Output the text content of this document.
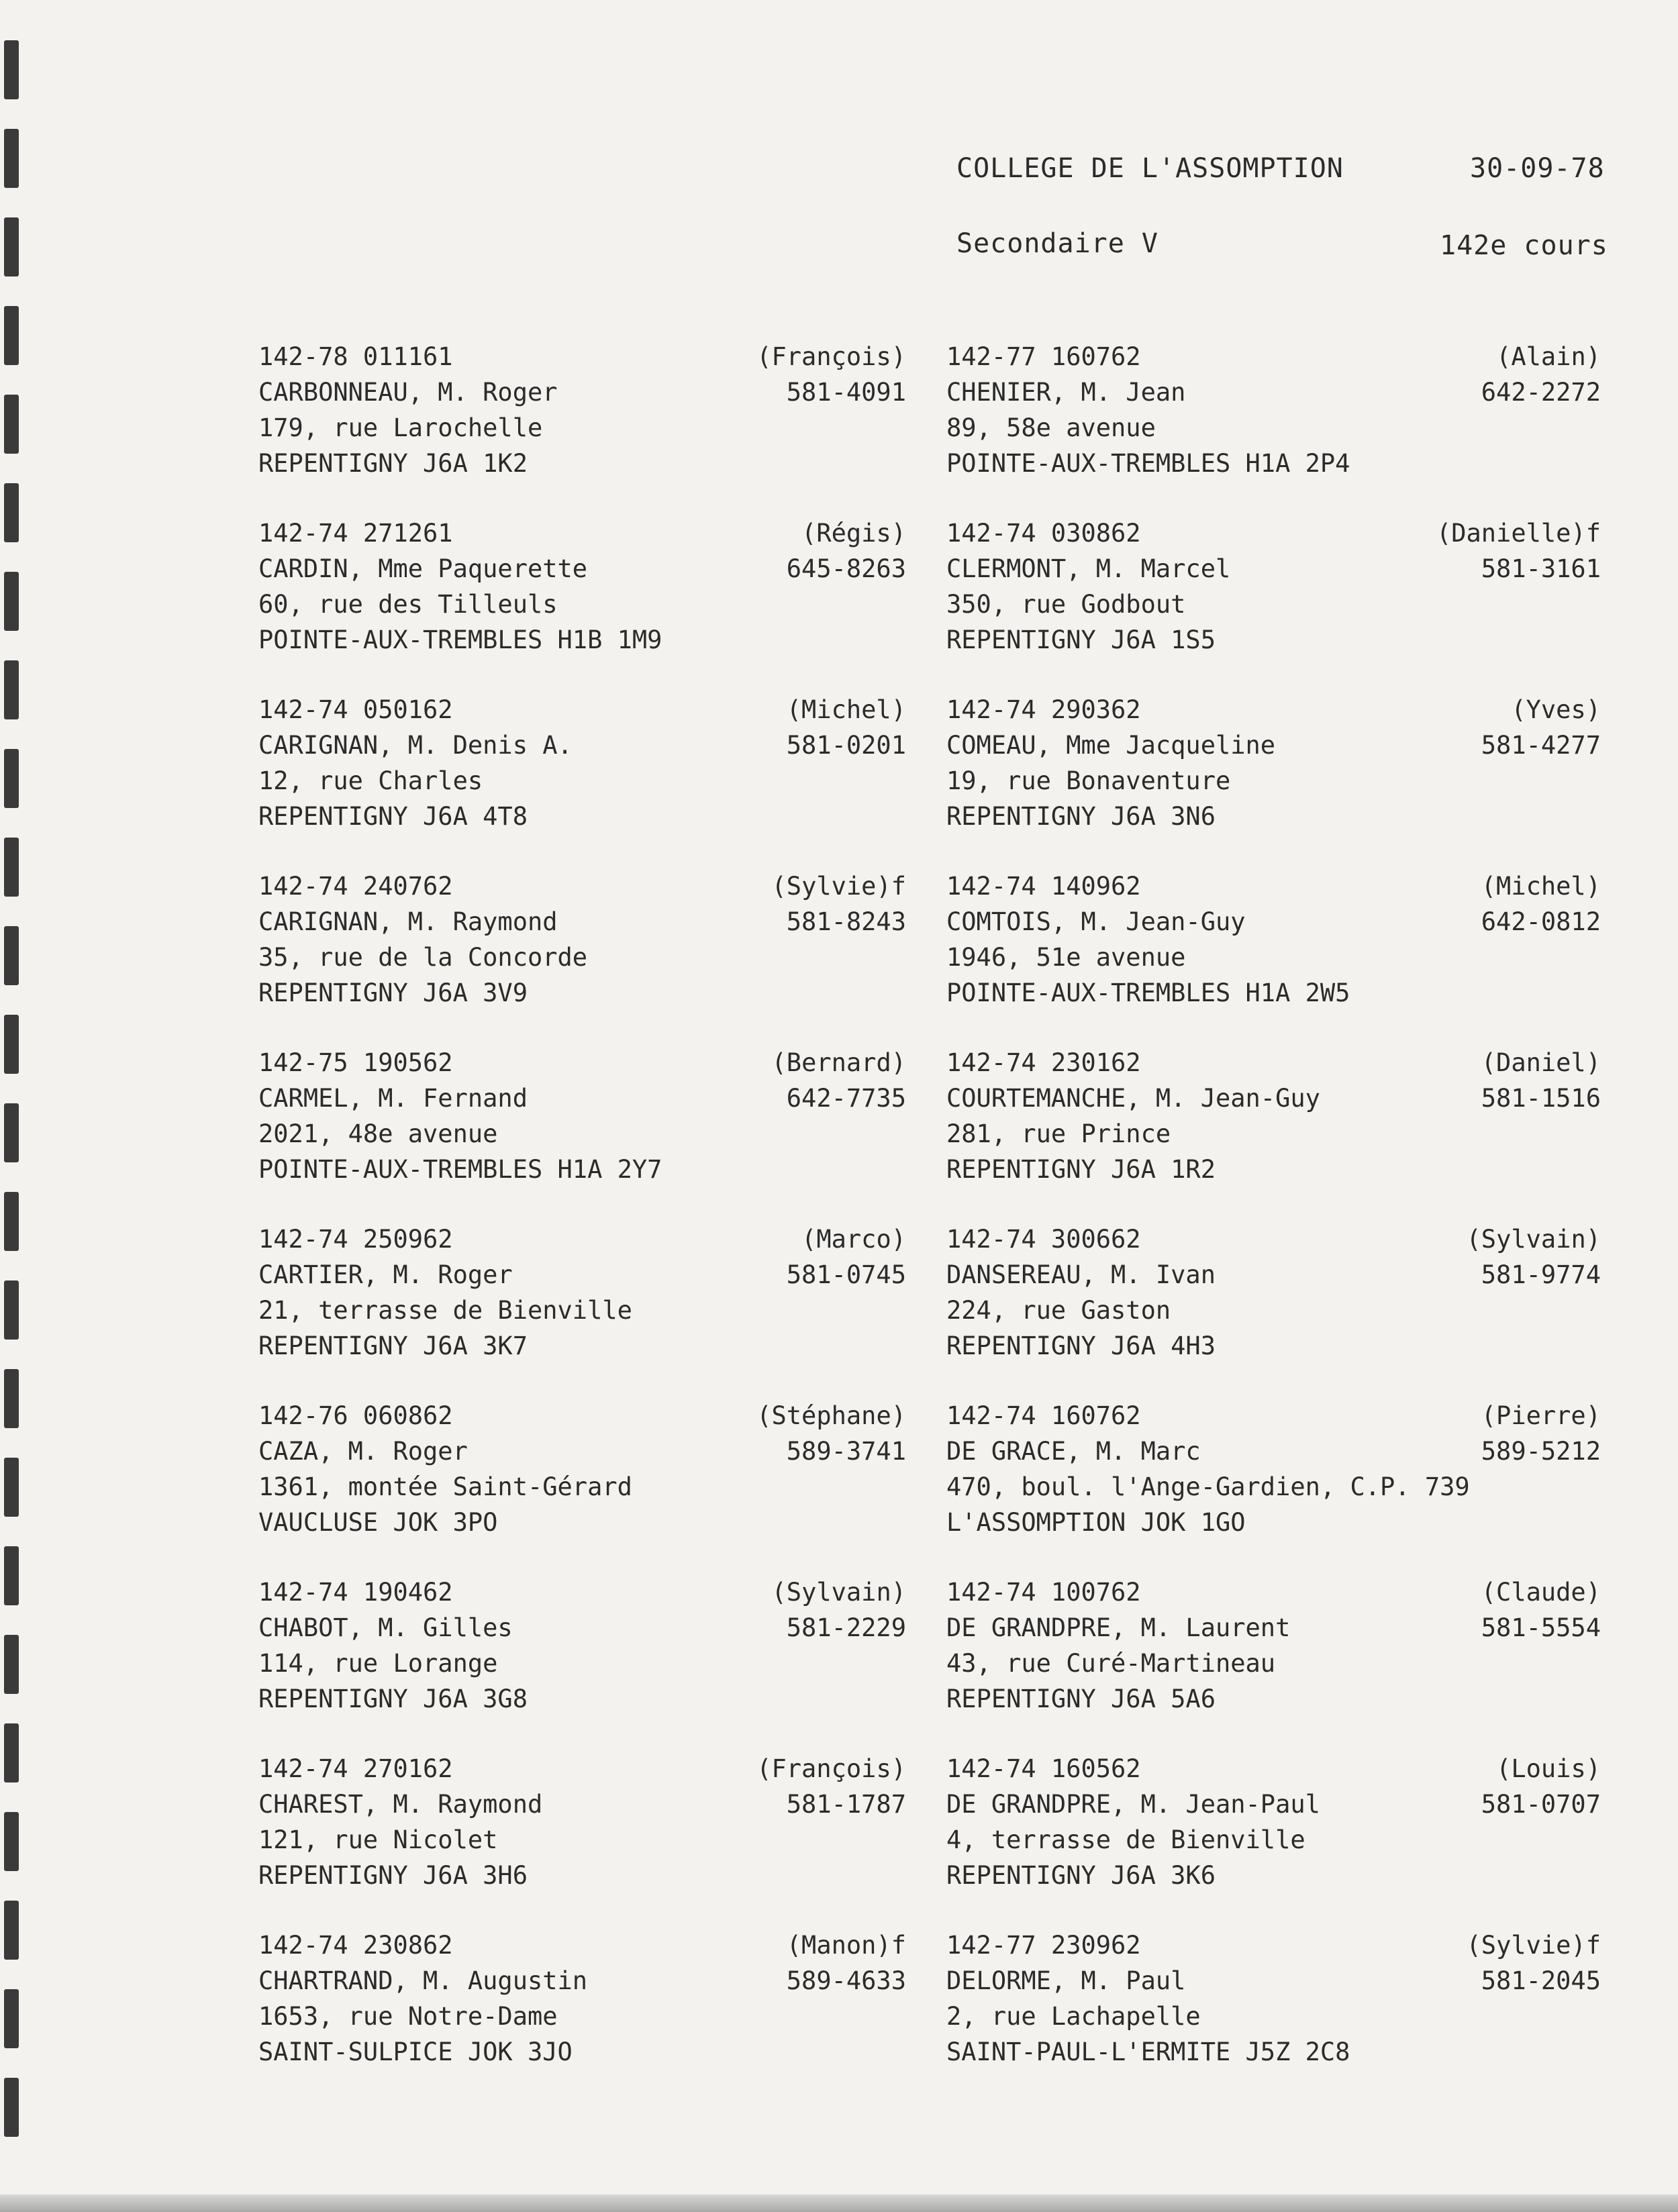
COLLEGE DE L'ASSOMPTION	30-09-78
Secondaire V	142e cours
142-78 011161
CARBONNEAU, M. Roger
179, rue Larochelle
REPENTIGNY J6A 1K2
(François)
581-4091
142-74 271261
CARDIN, Mme Paquerette
60, rue des Tilleuls
POINTE-AUX-TREMBLES H1B 1M9
(Régis)
645-8263
142-74 050162
CARIGNAN, M. Denis A.
12, rue Charles
REPENTIGNY J6A 4T8
(Michel)
581-0201
142-74 240762
CARIGNAN, M. Raymond
35, rue de la Concorde
REPENTIGNY J6A 3V9
(Sylvie)f
581-8243
142-75 190562
CARMEL, M. Fernand
2021, 48e avenue
POINTE-AUX-TREMBLES H1A 2Y7
(Bernard)
642-7735
142-74 250962
CARTIER, M. Roger
21, terrasse de Bienville
REPENTIGNY J6A 3K7
(Marco)
581-0745
142-76 060862
CAZA, M. Roger
1361, montée Saint-Gérard
VAUCLUSE JOK 3PO
(Stéphane)
589-3741
142-74 190462
CHABOT, M. Gilles
114, rue Lorange
REPENTIGNY J6A 3G8
(Sylvain)
581-2229
142-74 270162
CHAREST, M. Raymond
121, rue Nicolet
REPENTIGNY J6A 3H6
(François)
581-1787
142-74 230862
CHARTRAND, M. Augustin
1653, rue Notre-Dame
SAINT-SULPICE JOK 3JO
(Manon)f
589-4633
142-77 160762
CHENIER, M. Jean
89, 58e avenue
POINTE-AUX-TREMBLES H1A 2P4
(Alain)
642-2272
142-74 030862
CLERMONT, M. Marcel
350, rue Godbout
REPENTIGNY J6A 1S5
(Danielle)f
581-3161
142-74 290362
COMEAU, Mme Jacqueline
19, rue Bonaventure
REPENTIGNY J6A 3N6
(Yves)
581-4277
142-74 140962
COMTOIS, M. Jean-Guy
1946, 51e avenue
POINTE-AUX-TREMBLES H1A 2W5
(Michel)
642-0812
142-74 230162
COURTEMANCHE, M. Jean-Guy
281, rue Prince
REPENTIGNY J6A 1R2
(Daniel)
581-1516
142-74 300662
DANSEREAU, M. Ivan
224, rue Gaston
REPENTIGNY J6A 4H3
(Sylvain)
581-9774
142-74 160762
DE GRACE, M. Marc
470, boul. l'Ange-Gardien, C.P. 739
L'ASSOMPTION JOK 1GO
(Pierre)
589-5212
142-74 100762
DE GRANDPRE, M. Laurent
43, rue Curé-Martineau
REPENTIGNY J6A 5A6
(Claude)
581-5554
142-74 160562
DE GRANDPRE, M. Jean-Paul
4, terrasse de Bienville
REPENTIGNY J6A 3K6
(Louis)
581-0707
142-77 230962
DELORME, M. Paul
2, rue Lachapelle
SAINT-PAUL-L'ERMITE J5Z 2C8
(Sylvie)f
581-2045
